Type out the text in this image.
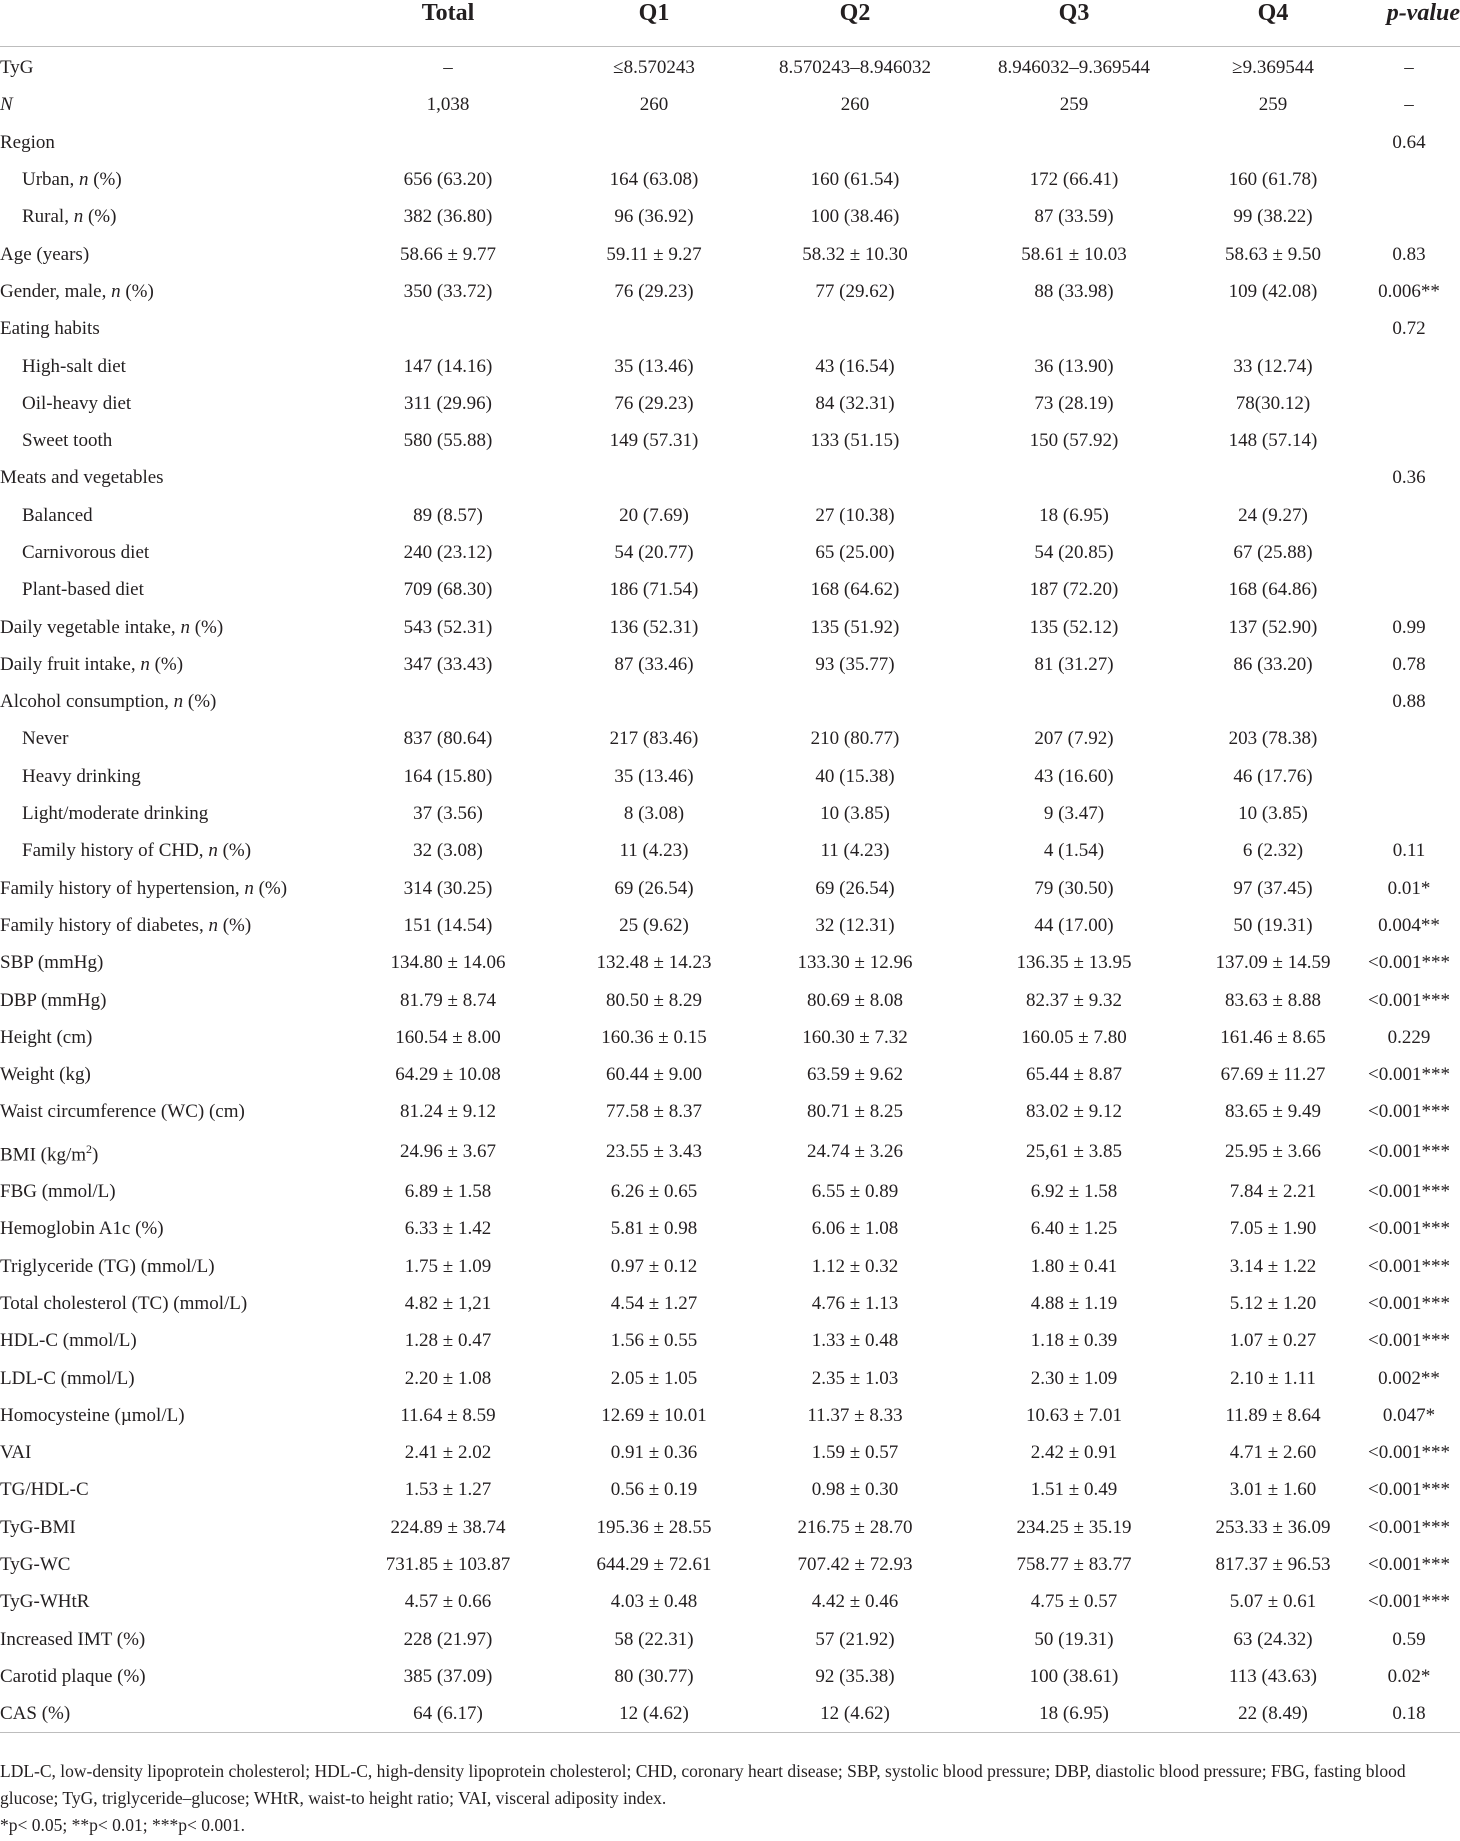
	Total	Q1	Q2	Q3	Q4	p-value
TyG	–	≤8.570243	8.570243–8.946032	8.946032–9.369544	≥9.369544	–
N	1,038	260	260	259	259	–
Region						0.64
Urban, n (%)	656 (63.20)	164 (63.08)	160 (61.54)	172 (66.41)	160 (61.78)	
Rural, n (%)	382 (36.80)	96 (36.92)	100 (38.46)	87 (33.59)	99 (38.22)	
Age (years)	58.66 ± 9.77	59.11 ± 9.27	58.32 ± 10.30	58.61 ± 10.03	58.63 ± 9.50	0.83
Gender, male, n (%)	350 (33.72)	76 (29.23)	77 (29.62)	88 (33.98)	109 (42.08)	0.006**
Eating habits						0.72
High-salt diet	147 (14.16)	35 (13.46)	43 (16.54)	36 (13.90)	33 (12.74)	
Oil-heavy diet	311 (29.96)	76 (29.23)	84 (32.31)	73 (28.19)	78(30.12)	
Sweet tooth	580 (55.88)	149 (57.31)	133 (51.15)	150 (57.92)	148 (57.14)	
Meats and vegetables						0.36
Balanced	89 (8.57)	20 (7.69)	27 (10.38)	18 (6.95)	24 (9.27)	
Carnivorous diet	240 (23.12)	54 (20.77)	65 (25.00)	54 (20.85)	67 (25.88)	
Plant-based diet	709 (68.30)	186 (71.54)	168 (64.62)	187 (72.20)	168 (64.86)	
Daily vegetable intake, n (%)	543 (52.31)	136 (52.31)	135 (51.92)	135 (52.12)	137 (52.90)	0.99
Daily fruit intake, n (%)	347 (33.43)	87 (33.46)	93 (35.77)	81 (31.27)	86 (33.20)	0.78
Alcohol consumption, n (%)						0.88
Never	837 (80.64)	217 (83.46)	210 (80.77)	207 (7.92)	203 (78.38)	
Heavy drinking	164 (15.80)	35 (13.46)	40 (15.38)	43 (16.60)	46 (17.76)	
Light/moderate drinking	37 (3.56)	8 (3.08)	10 (3.85)	9 (3.47)	10 (3.85)	
Family history of CHD, n (%)	32 (3.08)	11 (4.23)	11 (4.23)	4 (1.54)	6 (2.32)	0.11
Family history of hypertension, n (%)	314 (30.25)	69 (26.54)	69 (26.54)	79 (30.50)	97 (37.45)	0.01*
Family history of diabetes, n (%)	151 (14.54)	25 (9.62)	32 (12.31)	44 (17.00)	50 (19.31)	0.004**
SBP (mmHg)	134.80 ± 14.06	132.48 ± 14.23	133.30 ± 12.96	136.35 ± 13.95	137.09 ± 14.59	<0.001***
DBP (mmHg)	81.79 ± 8.74	80.50 ± 8.29	80.69 ± 8.08	82.37 ± 9.32	83.63 ± 8.88	<0.001***
Height (cm)	160.54 ± 8.00	160.36 ± 0.15	160.30 ± 7.32	160.05 ± 7.80	161.46 ± 8.65	0.229
Weight (kg)	64.29 ± 10.08	60.44 ± 9.00	63.59 ± 9.62	65.44 ± 8.87	67.69 ± 11.27	<0.001***
Waist circumference (WC) (cm)	81.24 ± 9.12	77.58 ± 8.37	80.71 ± 8.25	83.02 ± 9.12	83.65 ± 9.49	<0.001***
BMI $(kg/m^2)$	24.96 ± 3.67	23.55 ± 3.43	24.74 ± 3.26	25,61 ± 3.85	25.95 ± 3.66	<0.001***
FBG (mmol/L)	6.89 ± 1.58	6.26 ± 0.65	6.55 ± 0.89	6.92 ± 1.58	7.84 ± 2.21	<0.001***
Hemoglobin A1c (%)	6.33 ± 1.42	5.81 ± 0.98	6.06 ± 1.08	6.40 ± 1.25	7.05 ± 1.90	<0.001***
Triglyceride (TG) (mmol/L)	1.75 ± 1.09	0.97 ± 0.12	1.12 ± 0.32	1.80 ± 0.41	3.14 ± 1.22	<0.001***
Total cholesterol (TC) (mmol/L)	4.82 ± 1,21	4.54 ± 1.27	4.76 ± 1.13	4.88 ± 1.19	5.12 ± 1.20	<0.001***
HDL-C (mmol/L)	1.28 ± 0.47	1.56 ± 0.55	1.33 ± 0.48	1.18 ± 0.39	1.07 ± 0.27	<0.001***
LDL-C (mmol/L)	2.20 ± 1.08	2.05 ± 1.05	2.35 ± 1.03	2.30 ± 1.09	2.10 ± 1.11	0.002**
Homocysteine (µmol/L)	11.64 ± 8.59	12.69 ± 10.01	11.37 ± 8.33	10.63 ± 7.01	11.89 ± 8.64	0.047*
VAI	2.41 ± 2.02	0.91 ± 0.36	1.59 ± 0.57	2.42 ± 0.91	4.71 ± 2.60	<0.001***
TG/HDL-C	1.53 ± 1.27	0.56 ± 0.19	0.98 ± 0.30	1.51 ± 0.49	3.01 ± 1.60	<0.001***
TyG-BMI	224.89 ± 38.74	195.36 ± 28.55	216.75 ± 28.70	234.25 ± 35.19	253.33 ± 36.09	<0.001***
TyG-WC	731.85 ± 103.87	644.29 ± 72.61	707.42 ± 72.93	758.77 ± 83.77	817.37 ± 96.53	<0.001***
TyG-WHtR	4.57 ± 0.66	4.03 ± 0.48	4.42 ± 0.46	4.75 ± 0.57	5.07 ± 0.61	<0.001***
Increased IMT (%)	228 (21.97)	58 (22.31)	57 (21.92)	50 (19.31)	63 (24.32)	0.59
Carotid plaque (%)	385 (37.09)	80 (30.77)	92 (35.38)	100 (38.61)	113 (43.63)	0.02*
CAS (%)	64 (6.17)	12 (4.62)	12 (4.62)	18 (6.95)	22 (8.49)	0.18

LDL-C, low-density lipoprotein cholesterol; HDL-C, high-density lipoprotein cholesterol; CHD, coronary heart disease; SBP, systolic blood pressure; DBP, diastolic blood pressure; FBG, fasting blood glucose; TyG, triglyceride–glucose; WHtR, waist-to height ratio; VAI, visceral adiposity index.

*p< 0.05; **p< 0.01; ***p< 0.001.
